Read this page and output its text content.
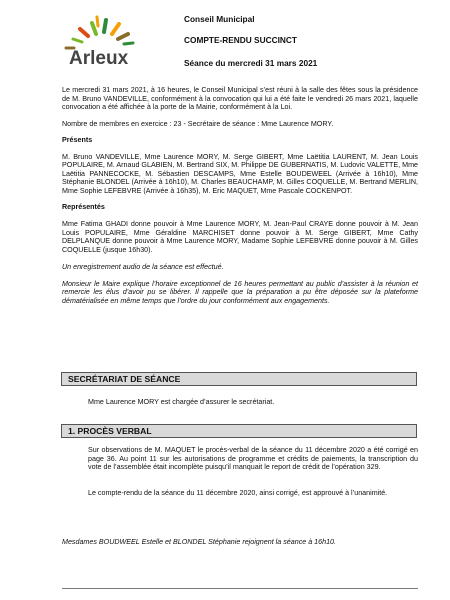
Arleux
Conseil Municipal
COMPTE-RENDU SUCCINCT
Séance du mercredi 31 mars 2021

Le mercredi 31 mars 2021, à 16 heures, le Conseil Municipal s’est réuni à la salle des fêtes sous la présidence de M. Bruno VANDEVILLE, conformément à la convocation qui lui a été faite le vendredi 26 mars 2021, laquelle convocation a été affichée à la porte de la Mairie, conformément à la Loi.

Nombre de membres en exercice : 23 - Secrétaire de séance : Mme Laurence MORY.

Présents

M. Bruno VANDEVILLE, Mme Laurence MORY, M. Serge GIBERT, Mme Laëtitia LAURENT, M. Jean Louis POPULAIRE, M. Arnaud GLABIEN, M. Bertrand SIX, M. Philippe DE GUBERNATIS, M. Ludovic VALETTE, Mme Laëtitia PANNECOCKE, M. Sébastien DESCAMPS, Mme Estelle BOUDEWEEL (Arrivée à 16h10), Mme Stéphanie BLONDEL (Arrivée à 16h10), M. Charles BEAUCHAMP, M. Gilles COQUELLE, M. Bertrand MERLIN, Mme Sophie LEFEBVRE (Arrivée à 16h35), M. Eric MAQUET, Mme Pascale COCKENPOT.

Représentés

Mme Fatima GHADI donne pouvoir à Mme Laurence MORY, M. Jean-Paul CRAYE donne pouvoir à M. Jean Louis POPULAIRE, Mme Géraldine MARCHISET donne pouvoir à M. Serge GIBERT, Mme Cathy DELPLANQUE donne pouvoir à Mme Laurence MORY, Madame Sophie LEFEBVRE donne pouvoir à M. Gilles COQUELLE (jusque 16h30).

Un enregistrement audio de la séance est effectué.

Monsieur le Maire explique l’horaire exceptionnel de 16 heures permettant au public d’assister à la réunion et remercie les élus d’avoir pu se libérer. Il rappelle que la préparation a pu être déposée sur la plateforme dématérialisée en même temps que l’ordre du jour conformément aux engagements.

SECRÉTARIAT DE SÉANCE
Mme Laurence MORY est chargée d’assurer le secrétariat.
1. PROCÈS VERBAL
Sur observations de M. MAQUET le procès-verbal de la séance du 11 décembre 2020 a été corrigé en page 36. Au point 11 sur les autorisations de programme et crédits de paiements, la transcription du vote de l’assemblée était incomplète puisqu’il manquait le report de crédit de l’opération 329.
Le compte-rendu de la séance du 11 décembre 2020, ainsi corrigé, est approuvé à l’unanimité.
Mesdames BOUDWEEL Estelle et BLONDEL Stéphanie rejoignent la séance à 16h10.
